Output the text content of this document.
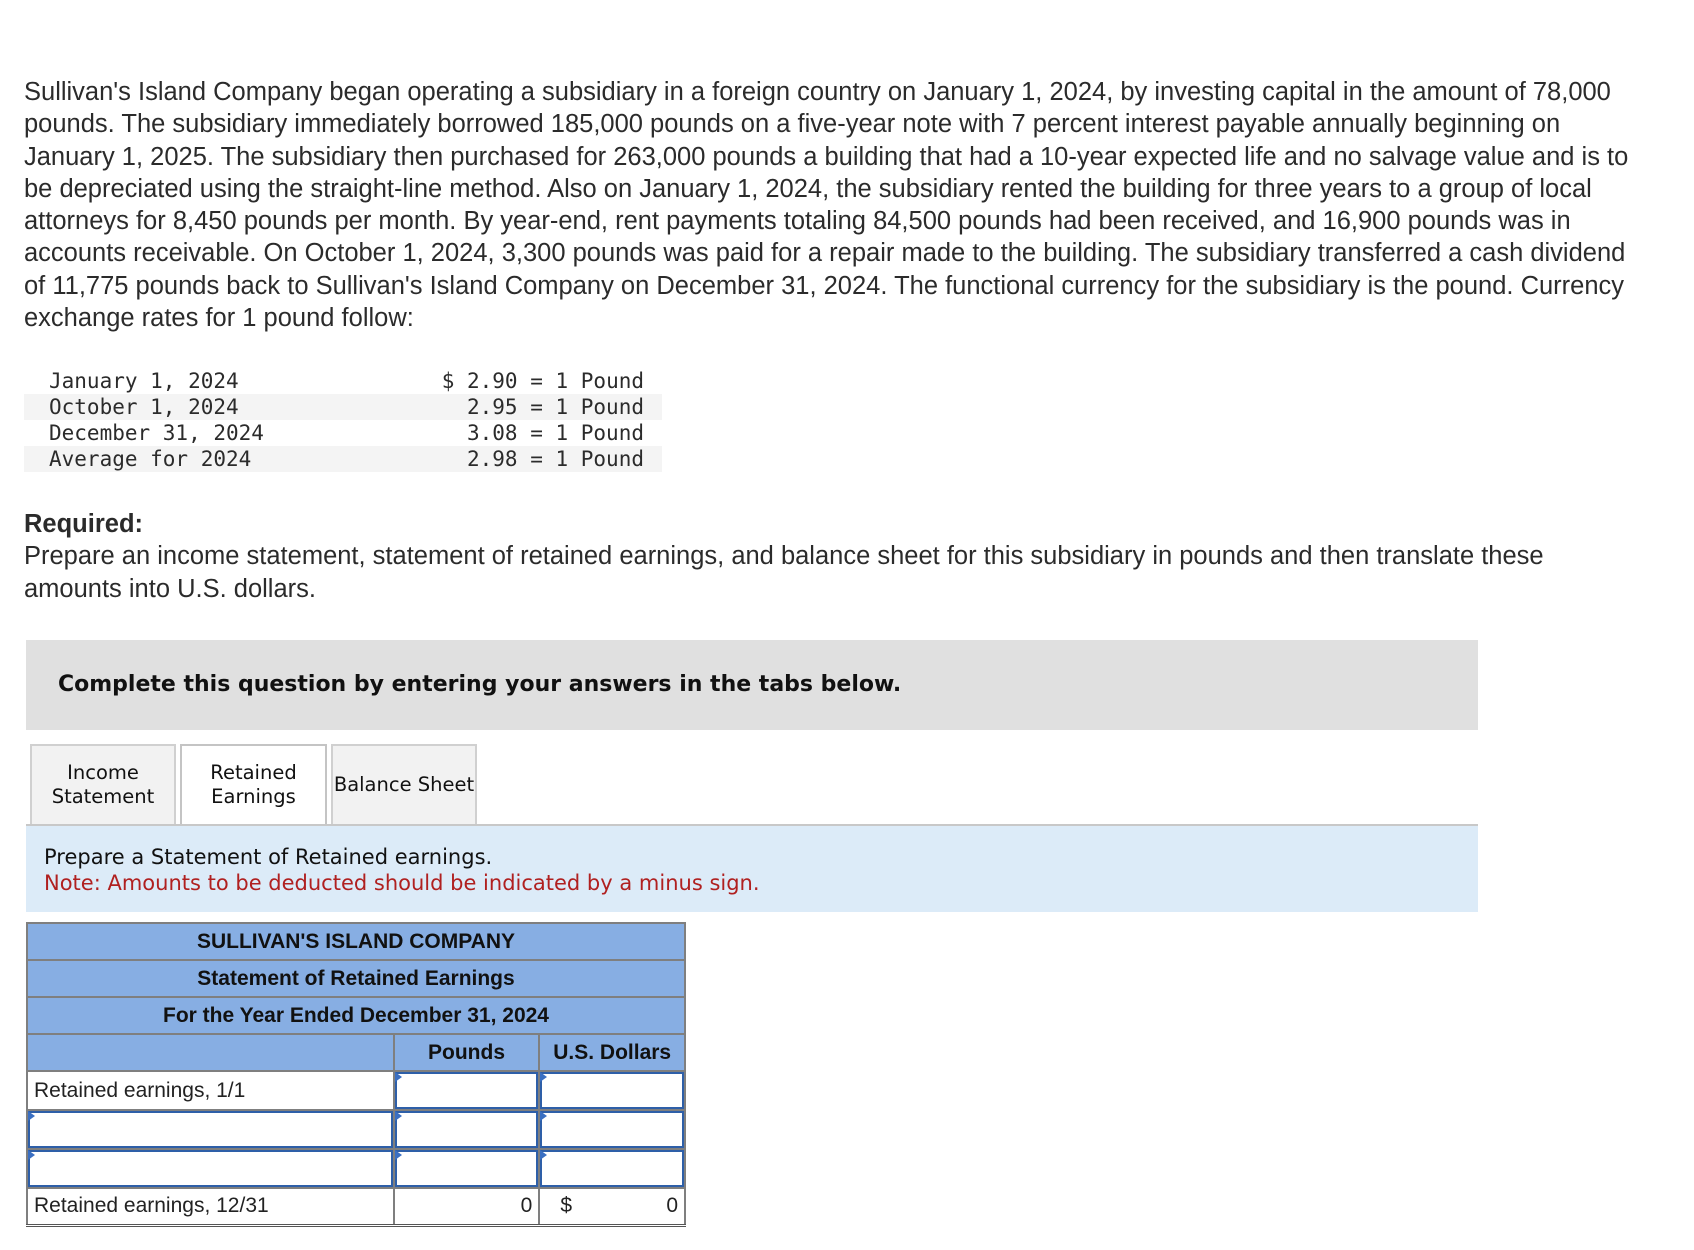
Sullivan's Island Company began operating a subsidiary in a foreign country on January 1, 2024, by investing capital in the amount of 78,000 pounds. The subsidiary immediately borrowed 185,000 pounds on a five-year note with 7 percent interest payable annually beginning on January 1, 2025. The subsidiary then purchased for 263,000 pounds a building that had a 10-year expected life and no salvage value and is to be depreciated using the straight-line method. Also on January 1, 2024, the subsidiary rented the building for three years to a group of local attorneys for 8,450 pounds per month. By year-end, rent payments totaling 84,500 pounds had been received, and 16,900 pounds was in accounts receivable. On October 1, 2024, 3,300 pounds was paid for a repair made to the building. The subsidiary transferred a cash dividend of 11,775 pounds back to Sullivan's Island Company on December 31, 2024. The functional currency for the subsidiary is the pound. Currency exchange rates for 1 pound follow:

January 1, 2024	$ 2.90 = 1 Pound
October 1, 2024	2.95 = 1 Pound
December 31, 2024	3.08 = 1 Pound
Average for 2024	2.98 = 1 Pound
Required:

Prepare an income statement, statement of retained earnings, and balance sheet for this subsidiary in pounds and then translate these amounts into U.S. dollars.

Complete this question by entering your answers in the tabs below.
Income
Statement
Retained
Earnings
Balance Sheet
Prepare a Statement of Retained earnings.
Note: Amounts to be deducted should be indicated by a minus sign.
SULLIVAN'S ISLAND COMPANY		
Statement of Retained Earnings		
For the Year Ended December 31, 2024		
	Pounds	U.S. Dollars
Retained earnings, 1/1	

Retained earnings, 12/31	0	$ 0
